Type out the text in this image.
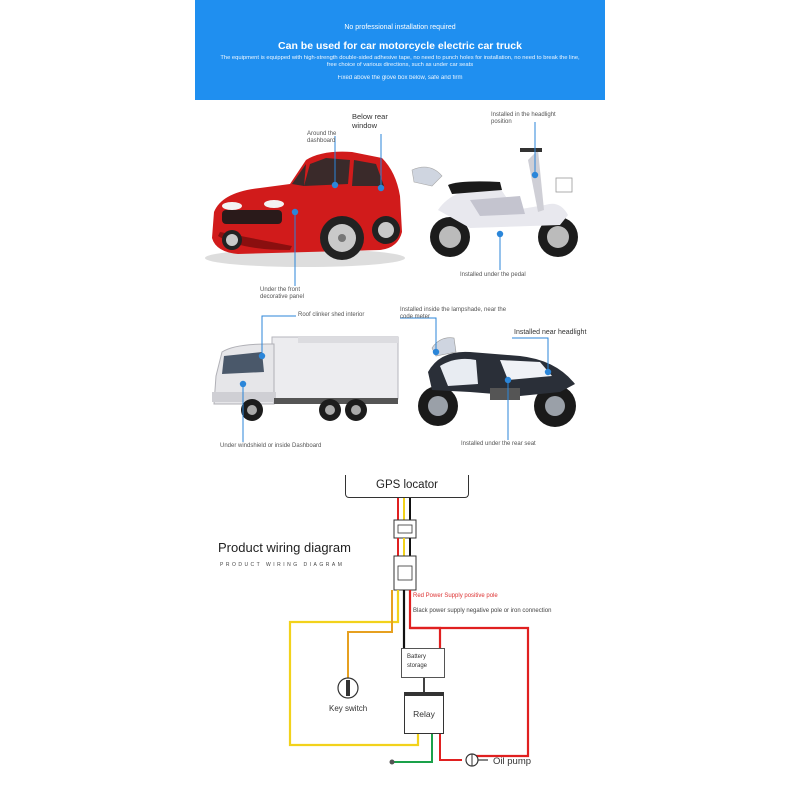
No professional installation required
Can be used for car motorcycle electric car truck
The equipment is equipped with high-strength double-sided adhesive tape, no need to punch holes for installation, no need to break the line, free choice of various directions, such as under car seats
Fixed above the glove box below, safe and firm
Below rear window
Around the dashboard
Under the front decorative panel
Installed in the headlight position
Installed under the pedal
Roof clinker shed interior
Under windshield or inside Dashboard
Installed inside the lampshade, near the code meter
Installed near headlight
Installed under the rear seat
GPS locator
Product wiring diagram
PRODUCT WIRING DIAGRAM
Red Power Supply positive pole
Black power supply negative pole or iron connection
Battery
storage
Relay
Key switch
Oil pump
